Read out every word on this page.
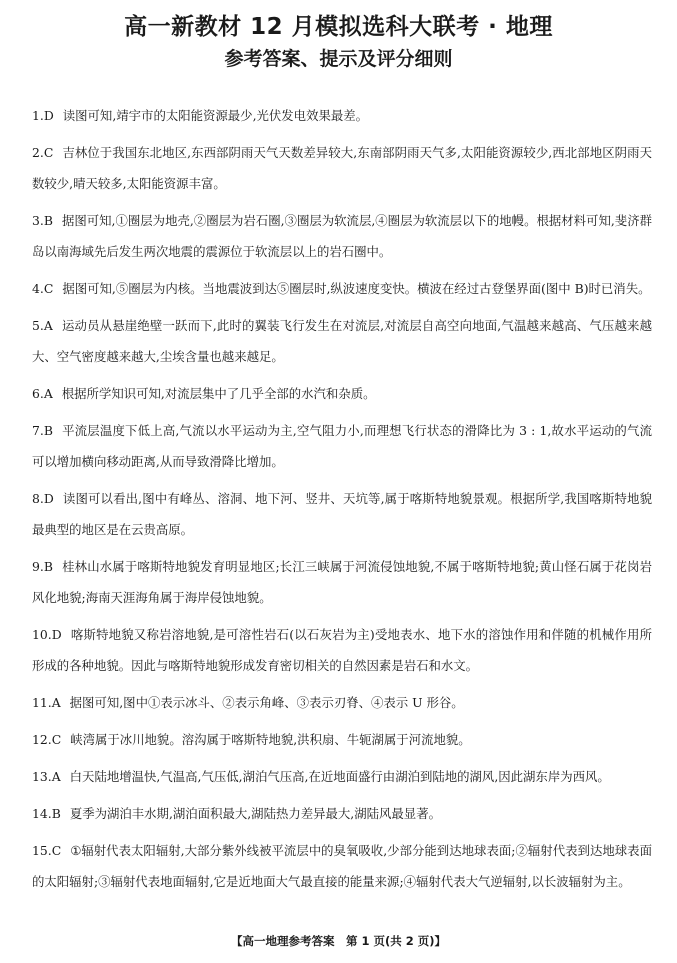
高一新教材 12 月模拟选科大联考 · 地理
参考答案、提示及评分细则

1.D 读图可知,靖宇市的太阳能资源最少,光伏发电效果最差。

2.C 吉林位于我国东北地区,东西部阴雨天气天数差异较大,东南部阴雨天气多,太阳能资源较少,西北部地区阴雨天数较少,晴天较多,太阳能资源丰富。

3.B 据图可知,①圈层为地壳,②圈层为岩石圈,③圈层为软流层,④圈层为软流层以下的地幔。根据材料可知,斐济群岛以南海域先后发生两次地震的震源位于软流层以上的岩石圈中。

4.C 据图可知,⑤圈层为内核。当地震波到达⑤圈层时,纵波速度变快。横波在经过古登堡界面(图中 B)时已消失。

5.A 运动员从悬崖绝壁一跃而下,此时的翼装飞行发生在对流层,对流层自高空向地面,气温越来越高、气压越来越大、空气密度越来越大,尘埃含量也越来越足。

6.A 根据所学知识可知,对流层集中了几乎全部的水汽和杂质。

7.B 平流层温度下低上高,气流以水平运动为主,空气阻力小,而理想飞行状态的滑降比为 3 : 1,故水平运动的气流可以增加横向移动距离,从而导致滑降比增加。

8.D 读图可以看出,图中有峰丛、溶洞、地下河、竖井、天坑等,属于喀斯特地貌景观。根据所学,我国喀斯特地貌最典型的地区是在云贵高原。

9.B 桂林山水属于喀斯特地貌发育明显地区;长江三峡属于河流侵蚀地貌,不属于喀斯特地貌;黄山怪石属于花岗岩风化地貌;海南天涯海角属于海岸侵蚀地貌。

10.D 喀斯特地貌又称岩溶地貌,是可溶性岩石(以石灰岩为主)受地表水、地下水的溶蚀作用和伴随的机械作用所形成的各种地貌。因此与喀斯特地貌形成发育密切相关的自然因素是岩石和水文。

11.A 据图可知,图中①表示冰斗、②表示角峰、③表示刃脊、④表示 U 形谷。

12.C 峡湾属于冰川地貌。溶沟属于喀斯特地貌,洪积扇、牛轭湖属于河流地貌。

13.A 白天陆地增温快,气温高,气压低,湖泊气压高,在近地面盛行由湖泊到陆地的湖风,因此湖东岸为西风。

14.B 夏季为湖泊丰水期,湖泊面积最大,湖陆热力差异最大,湖陆风最显著。

15.C ①辐射代表太阳辐射,大部分紫外线被平流层中的臭氧吸收,少部分能到达地球表面;②辐射代表到达地球表面的太阳辐射;③辐射代表地面辐射,它是近地面大气最直接的能量来源;④辐射代表大气逆辐射,以长波辐射为主。

【高一地理参考答案　第 1 页(共 2 页)】
